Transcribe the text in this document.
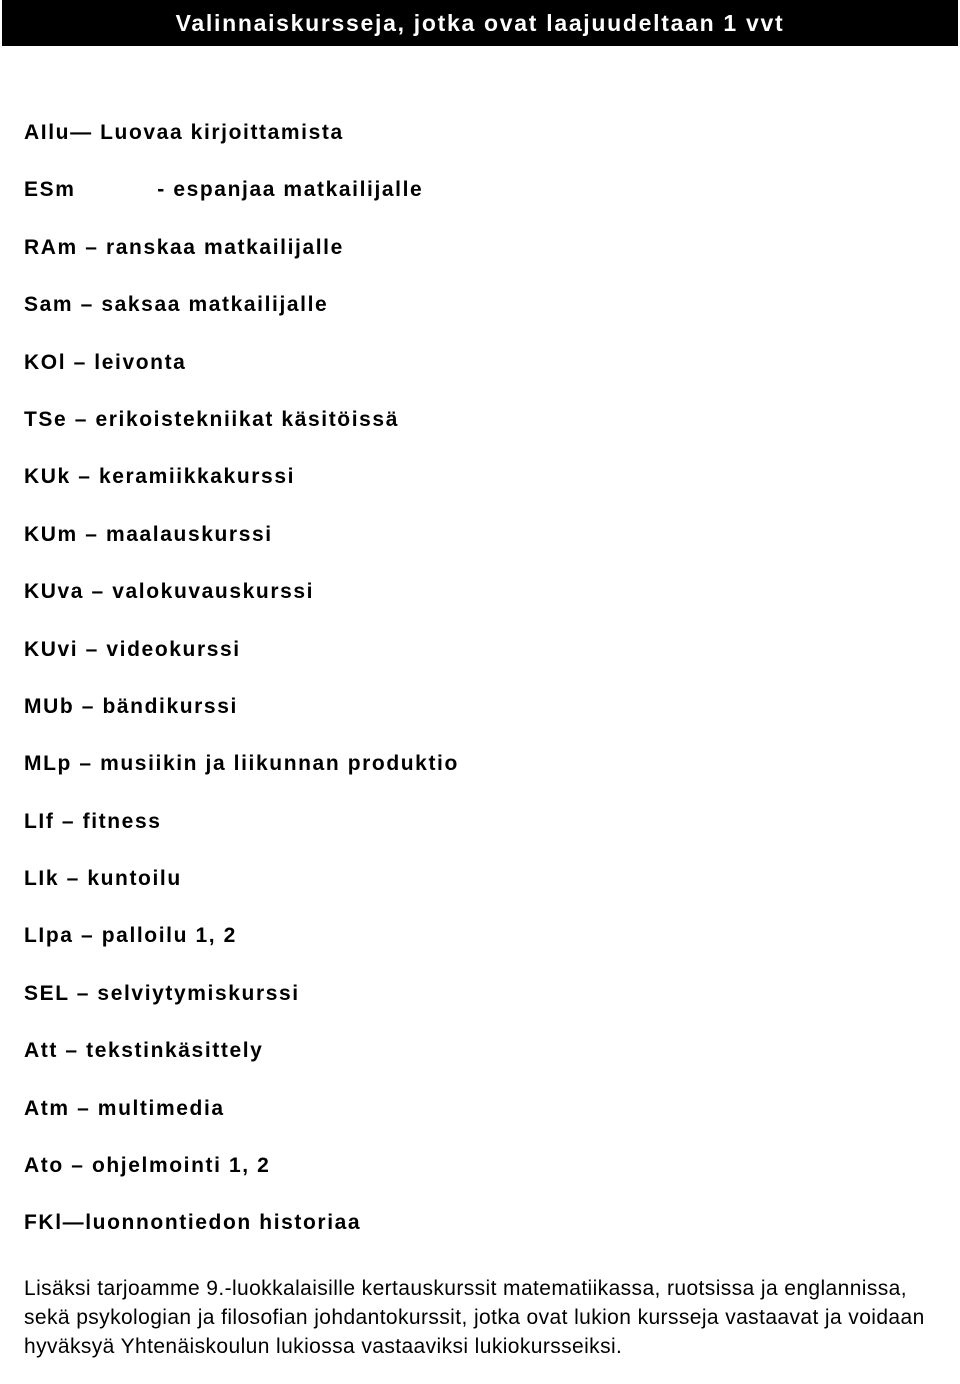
Valinnaiskursseja, jotka ovat laajuudeltaan 1 vvt
AIlu— Luovaa kirjoittamista
ESm           - espanjaa matkailijalle
RAm – ranskaa matkailijalle
Sam – saksaa matkailijalle
KOl – leivonta
TSe – erikoistekniikat käsitöissä
KUk – keramiikkakurssi
KUm – maalauskurssi
KUva – valokuvauskurssi
KUvi – videokurssi
MUb – bändikurssi
MLp – musiikin ja liikunnan produktio
LIf – fitness
LIk – kuntoilu
LIpa – palloilu 1, 2
SEL – selviytymiskurssi
Att – tekstinkäsittely
Atm – multimedia
Ato – ohjelmointi 1, 2
FKl—luonnontiedon historiaa

Lisäksi tarjoamme 9.-luokkalaisille kertauskurssit matematiikassa, ruotsissa ja englannissa, sekä psykologian ja filosofian johdantokurssit, jotka ovat lukion kursseja vastaavat ja voidaan hyväksyä Yhtenäiskoulun lukiossa vastaaviksi lukiokursseiksi.
